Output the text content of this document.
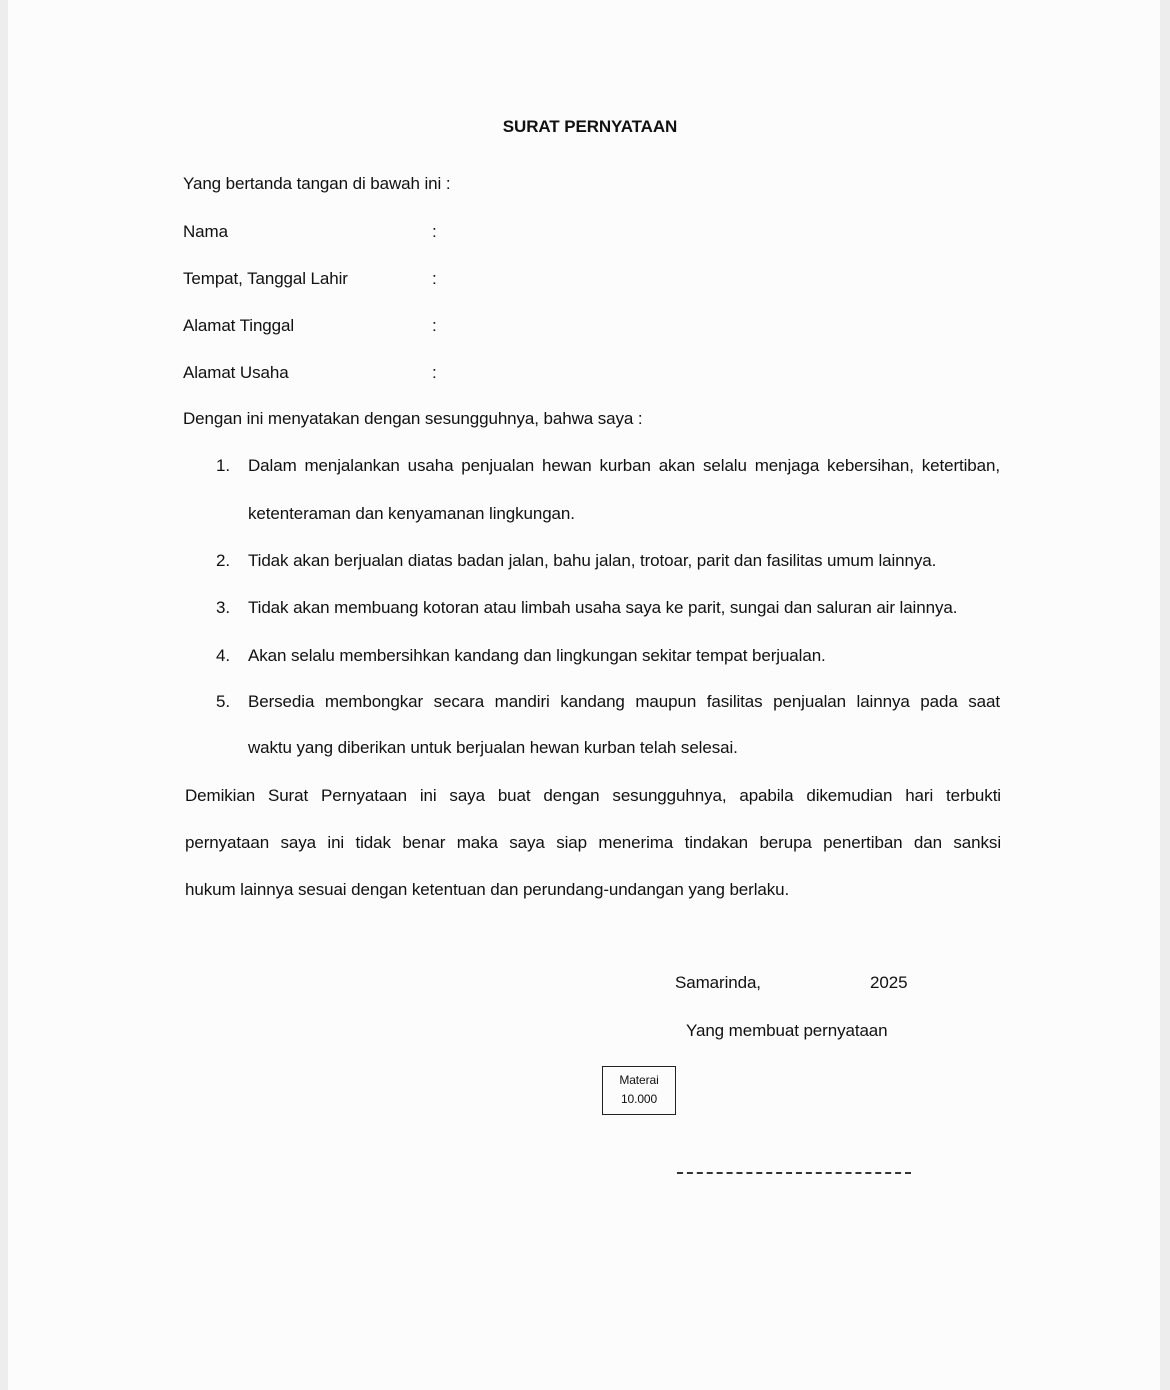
SURAT PERNYATAAN
Yang bertanda tangan di bawah ini :
Nama	:
Tempat, Tanggal Lahir	:
Alamat Tinggal	:
Alamat Usaha	:
Dengan ini menyatakan dengan sesungguhnya, bahwa saya :
1. Dalam menjalankan usaha penjualan hewan kurban akan selalu menjaga kebersihan, ketertiban,
ketenteraman dan kenyamanan lingkungan.
2. Tidak akan berjualan diatas badan jalan, bahu jalan, trotoar, parit dan fasilitas umum lainnya.
3. Tidak akan membuang kotoran atau limbah usaha saya ke parit, sungai dan saluran air lainnya.
4. Akan selalu membersihkan kandang dan lingkungan sekitar tempat berjualan.
5. Bersedia membongkar secara mandiri kandang maupun fasilitas penjualan lainnya pada saat
waktu yang diberikan untuk berjualan hewan kurban telah selesai.
Demikian Surat Pernyataan ini saya buat dengan sesungguhnya, apabila dikemudian hari terbukti
pernyataan saya ini tidak benar maka saya siap menerima tindakan berupa penertiban dan sanksi
hukum lainnya sesuai dengan ketentuan dan perundang-undangan yang berlaku.
Samarinda,	2025
Yang membuat pernyataan
Materai
10.000
